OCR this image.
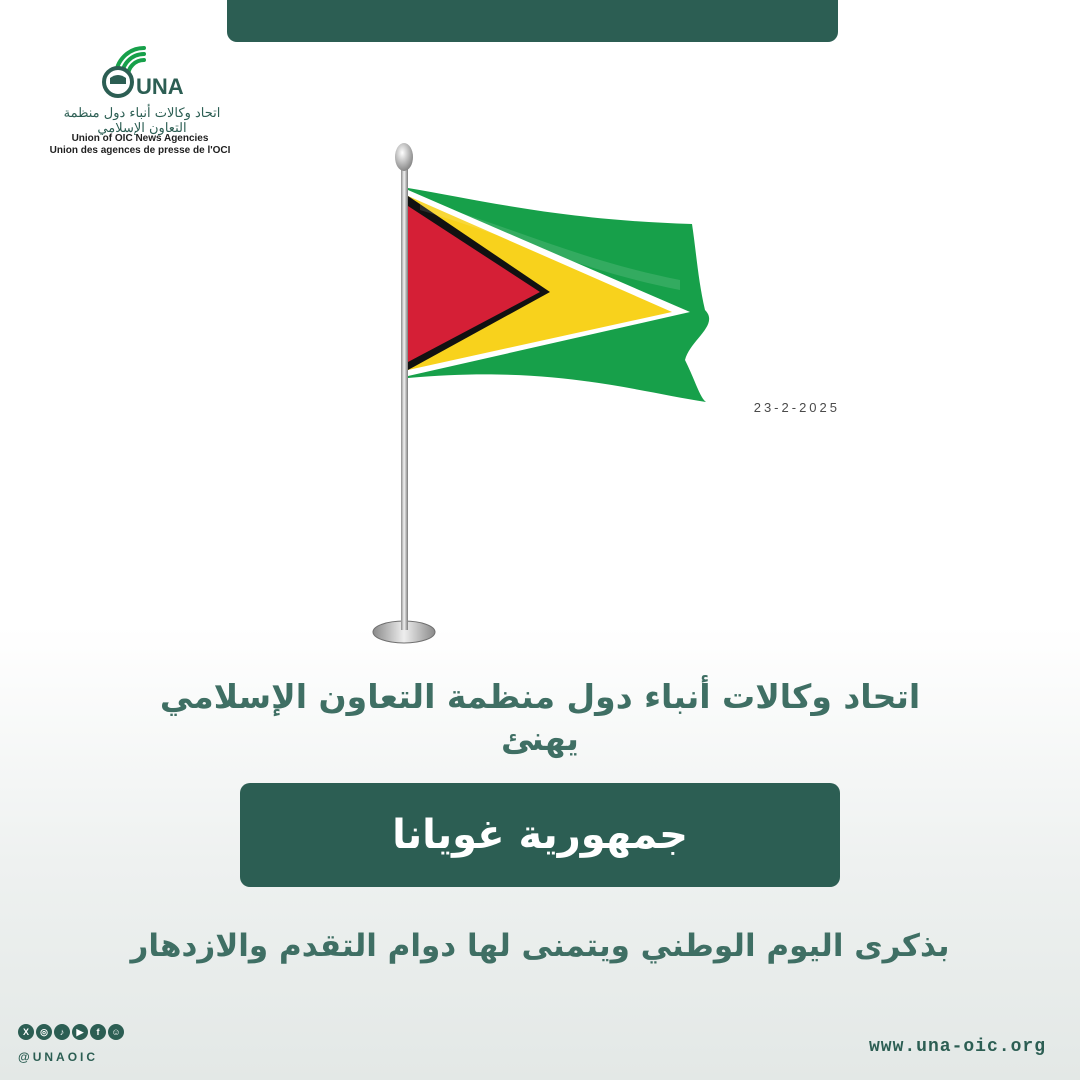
UNA
اتحاد وكالات أنباء دول منظمة التعاون الإسلامي
Union of OIC News Agencies
Union des agences de presse de l'OCI
23-2-2025
اتحاد وكالات أنباء دول منظمة التعاون الإسلامي
يهنئ
جمهورية غويانا
بذكرى اليوم الوطني ويتمنى لها دوام التقدم والازدهار
X	◎	♪	▶	f	☺
@UNAOIC	www.una-oic.org
